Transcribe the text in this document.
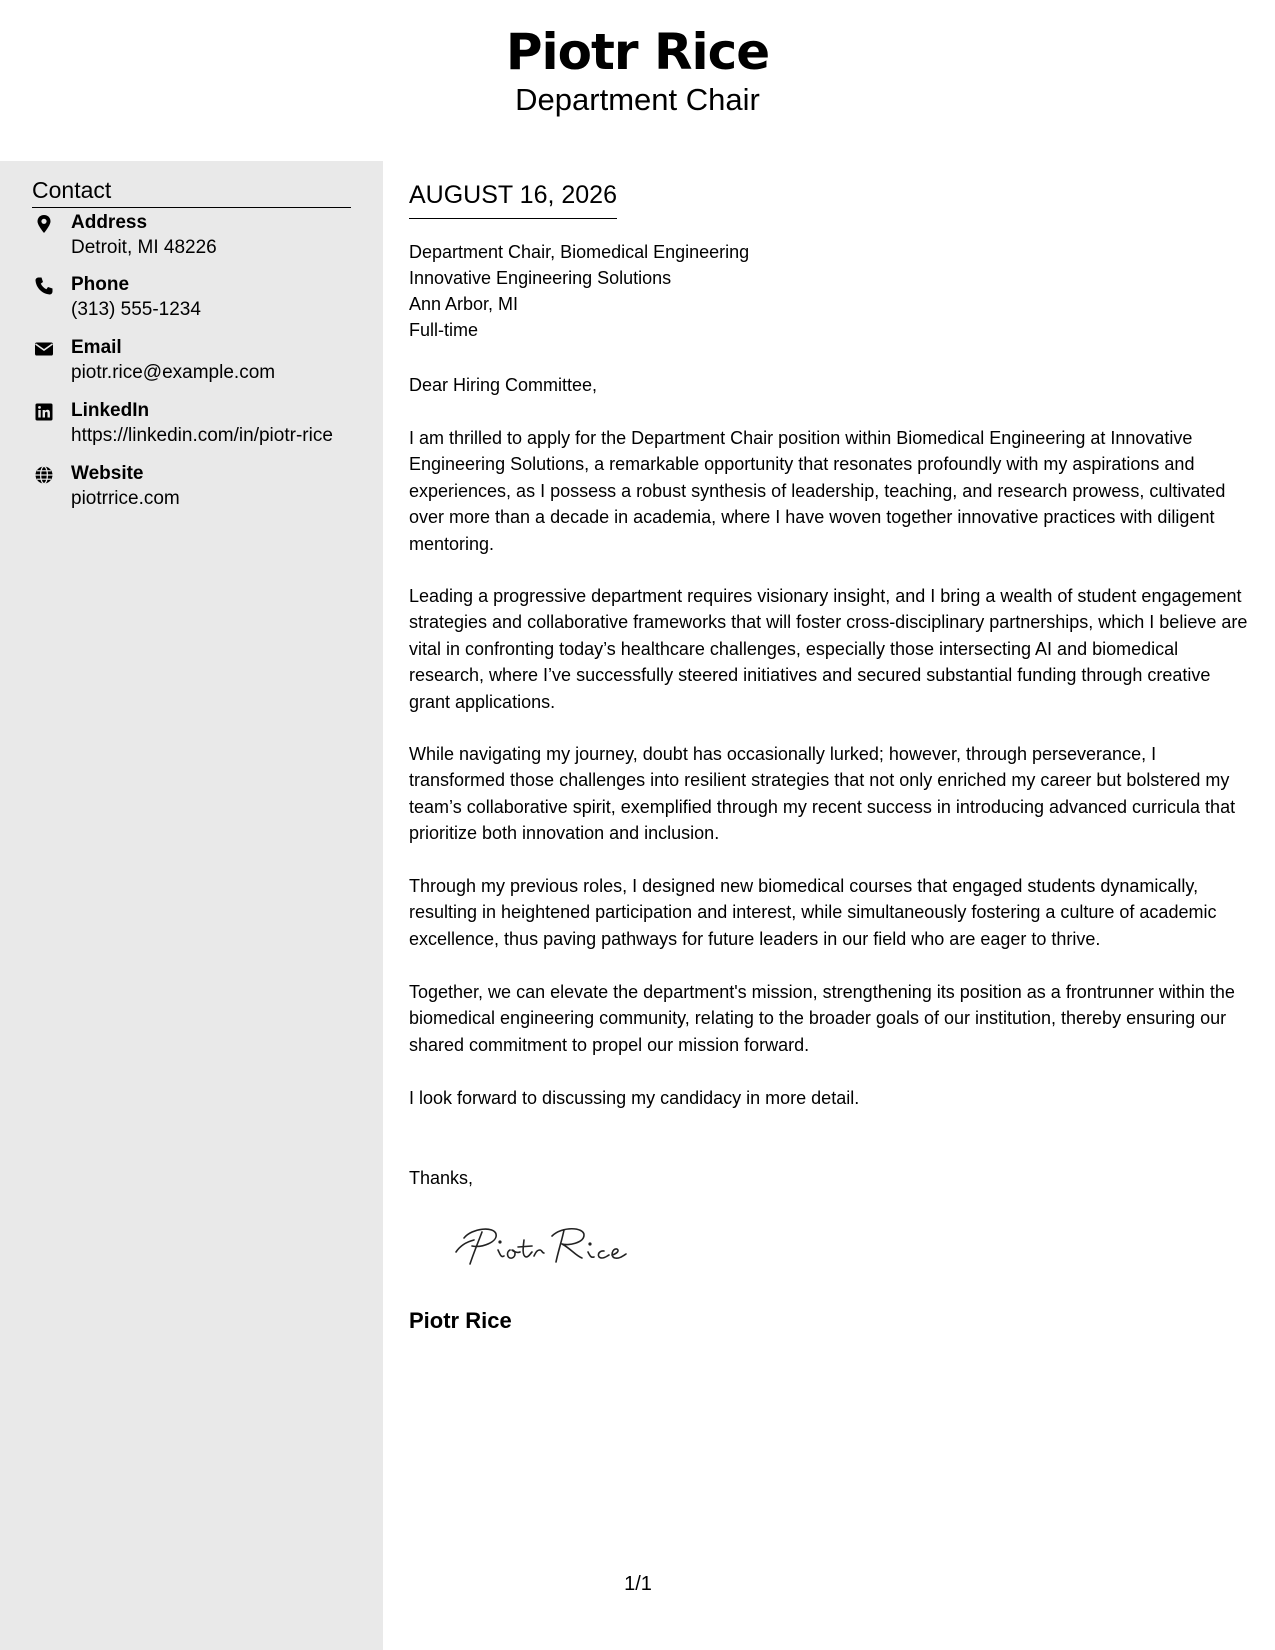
Piotr Rice
Department Chair
Contact
Address
Detroit, MI 48226
Phone
(313) 555-1234
Email
piotr.rice@example.com
LinkedIn
https://linkedin.com/in/piotr-rice
Website
piotrrice.com
AUGUST 16, 2026
Department Chair, Biomedical Engineering
Innovative Engineering Solutions
Ann Arbor, MI
Full-time
Dear Hiring Committee,

I am thrilled to apply for the Department Chair position within Biomedical Engineering at Innovative Engineering Solutions, a remarkable opportunity that resonates profoundly with my aspirations and experiences, as I possess a robust synthesis of leadership, teaching, and research prowess, cultivated over more than a decade in academia, where I have woven together innovative practices with diligent mentoring.

Leading a progressive department requires visionary insight, and I bring a wealth of student engagement strategies and collaborative frameworks that will foster cross-disciplinary partnerships, which I believe are vital in confronting today’s healthcare challenges, especially those intersecting AI and biomedical research, where I’ve successfully steered initiatives and secured substantial funding through creative grant applications.

While navigating my journey, doubt has occasionally lurked; however, through perseverance, I transformed those challenges into resilient strategies that not only enriched my career but bolstered my team’s collaborative spirit, exemplified through my recent success in introducing advanced curricula that prioritize both innovation and inclusion.

Through my previous roles, I designed new biomedical courses that engaged students dynamically, resulting in heightened participation and interest, while simultaneously fostering a culture of academic excellence, thus paving pathways for future leaders in our field who are eager to thrive.

Together, we can elevate the department's mission, strengthening its position as a frontrunner within the biomedical engineering community, relating to the broader goals of our institution, thereby ensuring our shared commitment to propel our mission forward.

I look forward to discussing my candidacy in more detail.

Thanks,
Piotr Rice
1/1
